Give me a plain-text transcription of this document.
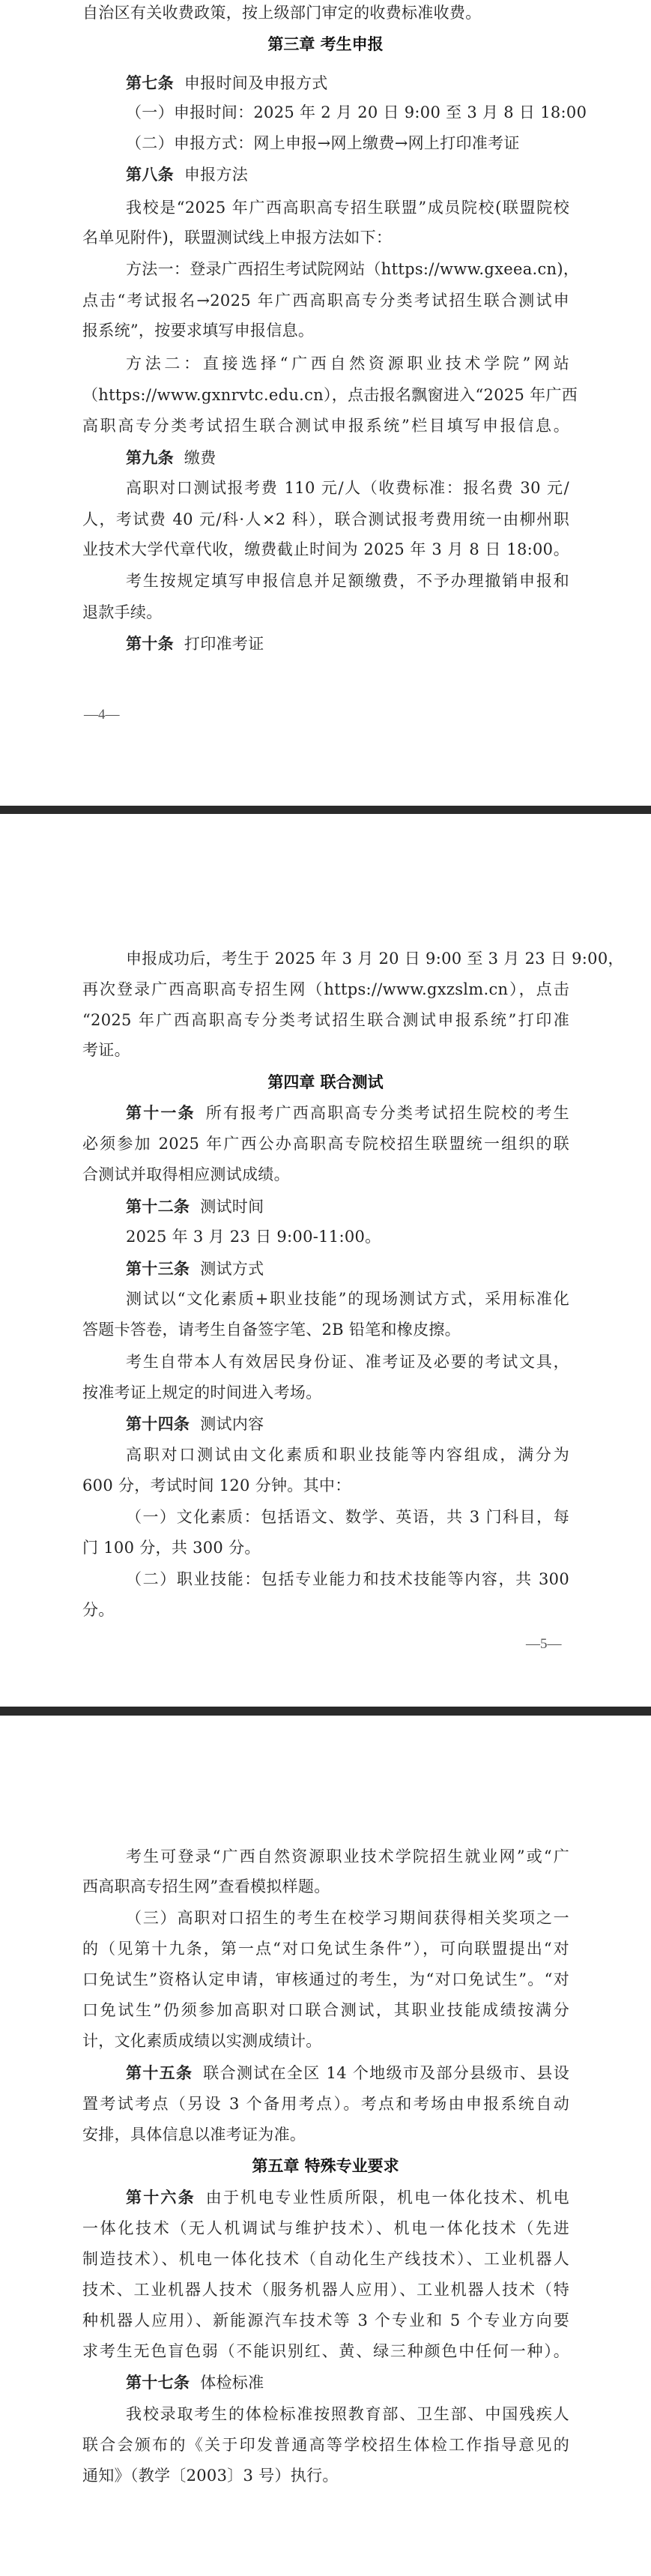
自治区有关收费政策，按上级部门审定的收费标准收费。

第三章 考生申报

第七条 申报时间及申报方式

（一）申报时间：2025 年 2 月 20 日 9:00 至 3 月 8 日 18:00

（二）申报方式：网上申报→网上缴费→网上打印准考证

第八条 申报方法

我校是“2025 年广西高职高专招生联盟”成员院校(联盟院校

名单见附件)，联盟测试线上申报方法如下：

方法一：登录广西招生考试院网站（https://www.gxeea.cn)，

点击“考试报名→2025 年广西高职高专分类考试招生联合测试申

报系统”，按要求填写申报信息。

方法二：直接选择“广西自然资源职业技术学院”网站

（https://www.gxnrvtc.edu.cn），点击报名飘窗进入“2025 年广西

高职高专分类考试招生联合测试申报系统”栏目填写申报信息。

第九条 缴费

高职对口测试报考费 110 元/人（收费标准：报名费 30 元/

人，考试费 40 元/科·人×2 科），联合测试报考费用统一由柳州职

业技术大学代章代收，缴费截止时间为 2025 年 3 月 8 日 18:00。

考生按规定填写申报信息并足额缴费，不予办理撤销申报和

退款手续。

第十条 打印准考证

—4—

申报成功后，考生于 2025 年 3 月 20 日 9:00 至 3 月 23 日 9:00，

再次登录广西高职高专招生网（https://www.gxzslm.cn），点击

“2025 年广西高职高专分类考试招生联合测试申报系统”打印准

考证。

第四章 联合测试

第十一条 所有报考广西高职高专分类考试招生院校的考生

必须参加 2025 年广西公办高职高专院校招生联盟统一组织的联

合测试并取得相应测试成绩。

第十二条 测试时间

2025 年 3 月 23 日 9:00-11:00。

第十三条 测试方式

测试以“文化素质+职业技能”的现场测试方式，采用标准化

答题卡答卷，请考生自备签字笔、2B 铅笔和橡皮擦。

考生自带本人有效居民身份证、准考证及必要的考试文具，

按准考证上规定的时间进入考场。

第十四条 测试内容

高职对口测试由文化素质和职业技能等内容组成，满分为

600 分，考试时间 120 分钟。其中：

（一）文化素质：包括语文、数学、英语，共 3 门科目，每

门 100 分，共 300 分。

（二）职业技能：包括专业能力和技术技能等内容，共 300

分。

—5—

考生可登录“广西自然资源职业技术学院招生就业网”或“广

西高职高专招生网”查看模拟样题。

（三）高职对口招生的考生在校学习期间获得相关奖项之一

的（见第十九条，第一点“对口免试生条件”），可向联盟提出“对

口免试生”资格认定申请，审核通过的考生，为“对口免试生”。“对

口免试生”仍须参加高职对口联合测试，其职业技能成绩按满分

计，文化素质成绩以实测成绩计。

第十五条 联合测试在全区 14 个地级市及部分县级市、县设

置考试考点（另设 3 个备用考点）。考点和考场由申报系统自动

安排，具体信息以准考证为准。

第五章 特殊专业要求

第十六条 由于机电专业性质所限，机电一体化技术、机电

一体化技术（无人机调试与维护技术）、机电一体化技术（先进

制造技术）、机电一体化技术（自动化生产线技术）、工业机器人

技术、工业机器人技术（服务机器人应用）、工业机器人技术（特

种机器人应用）、新能源汽车技术等 3 个专业和 5 个专业方向要

求考生无色盲色弱（不能识别红、黄、绿三种颜色中任何一种）。

第十七条 体检标准

我校录取考生的体检标准按照教育部、卫生部、中国残疾人

联合会颁布的《关于印发普通高等学校招生体检工作指导意见的

通知》（教学〔2003〕3 号）执行。
